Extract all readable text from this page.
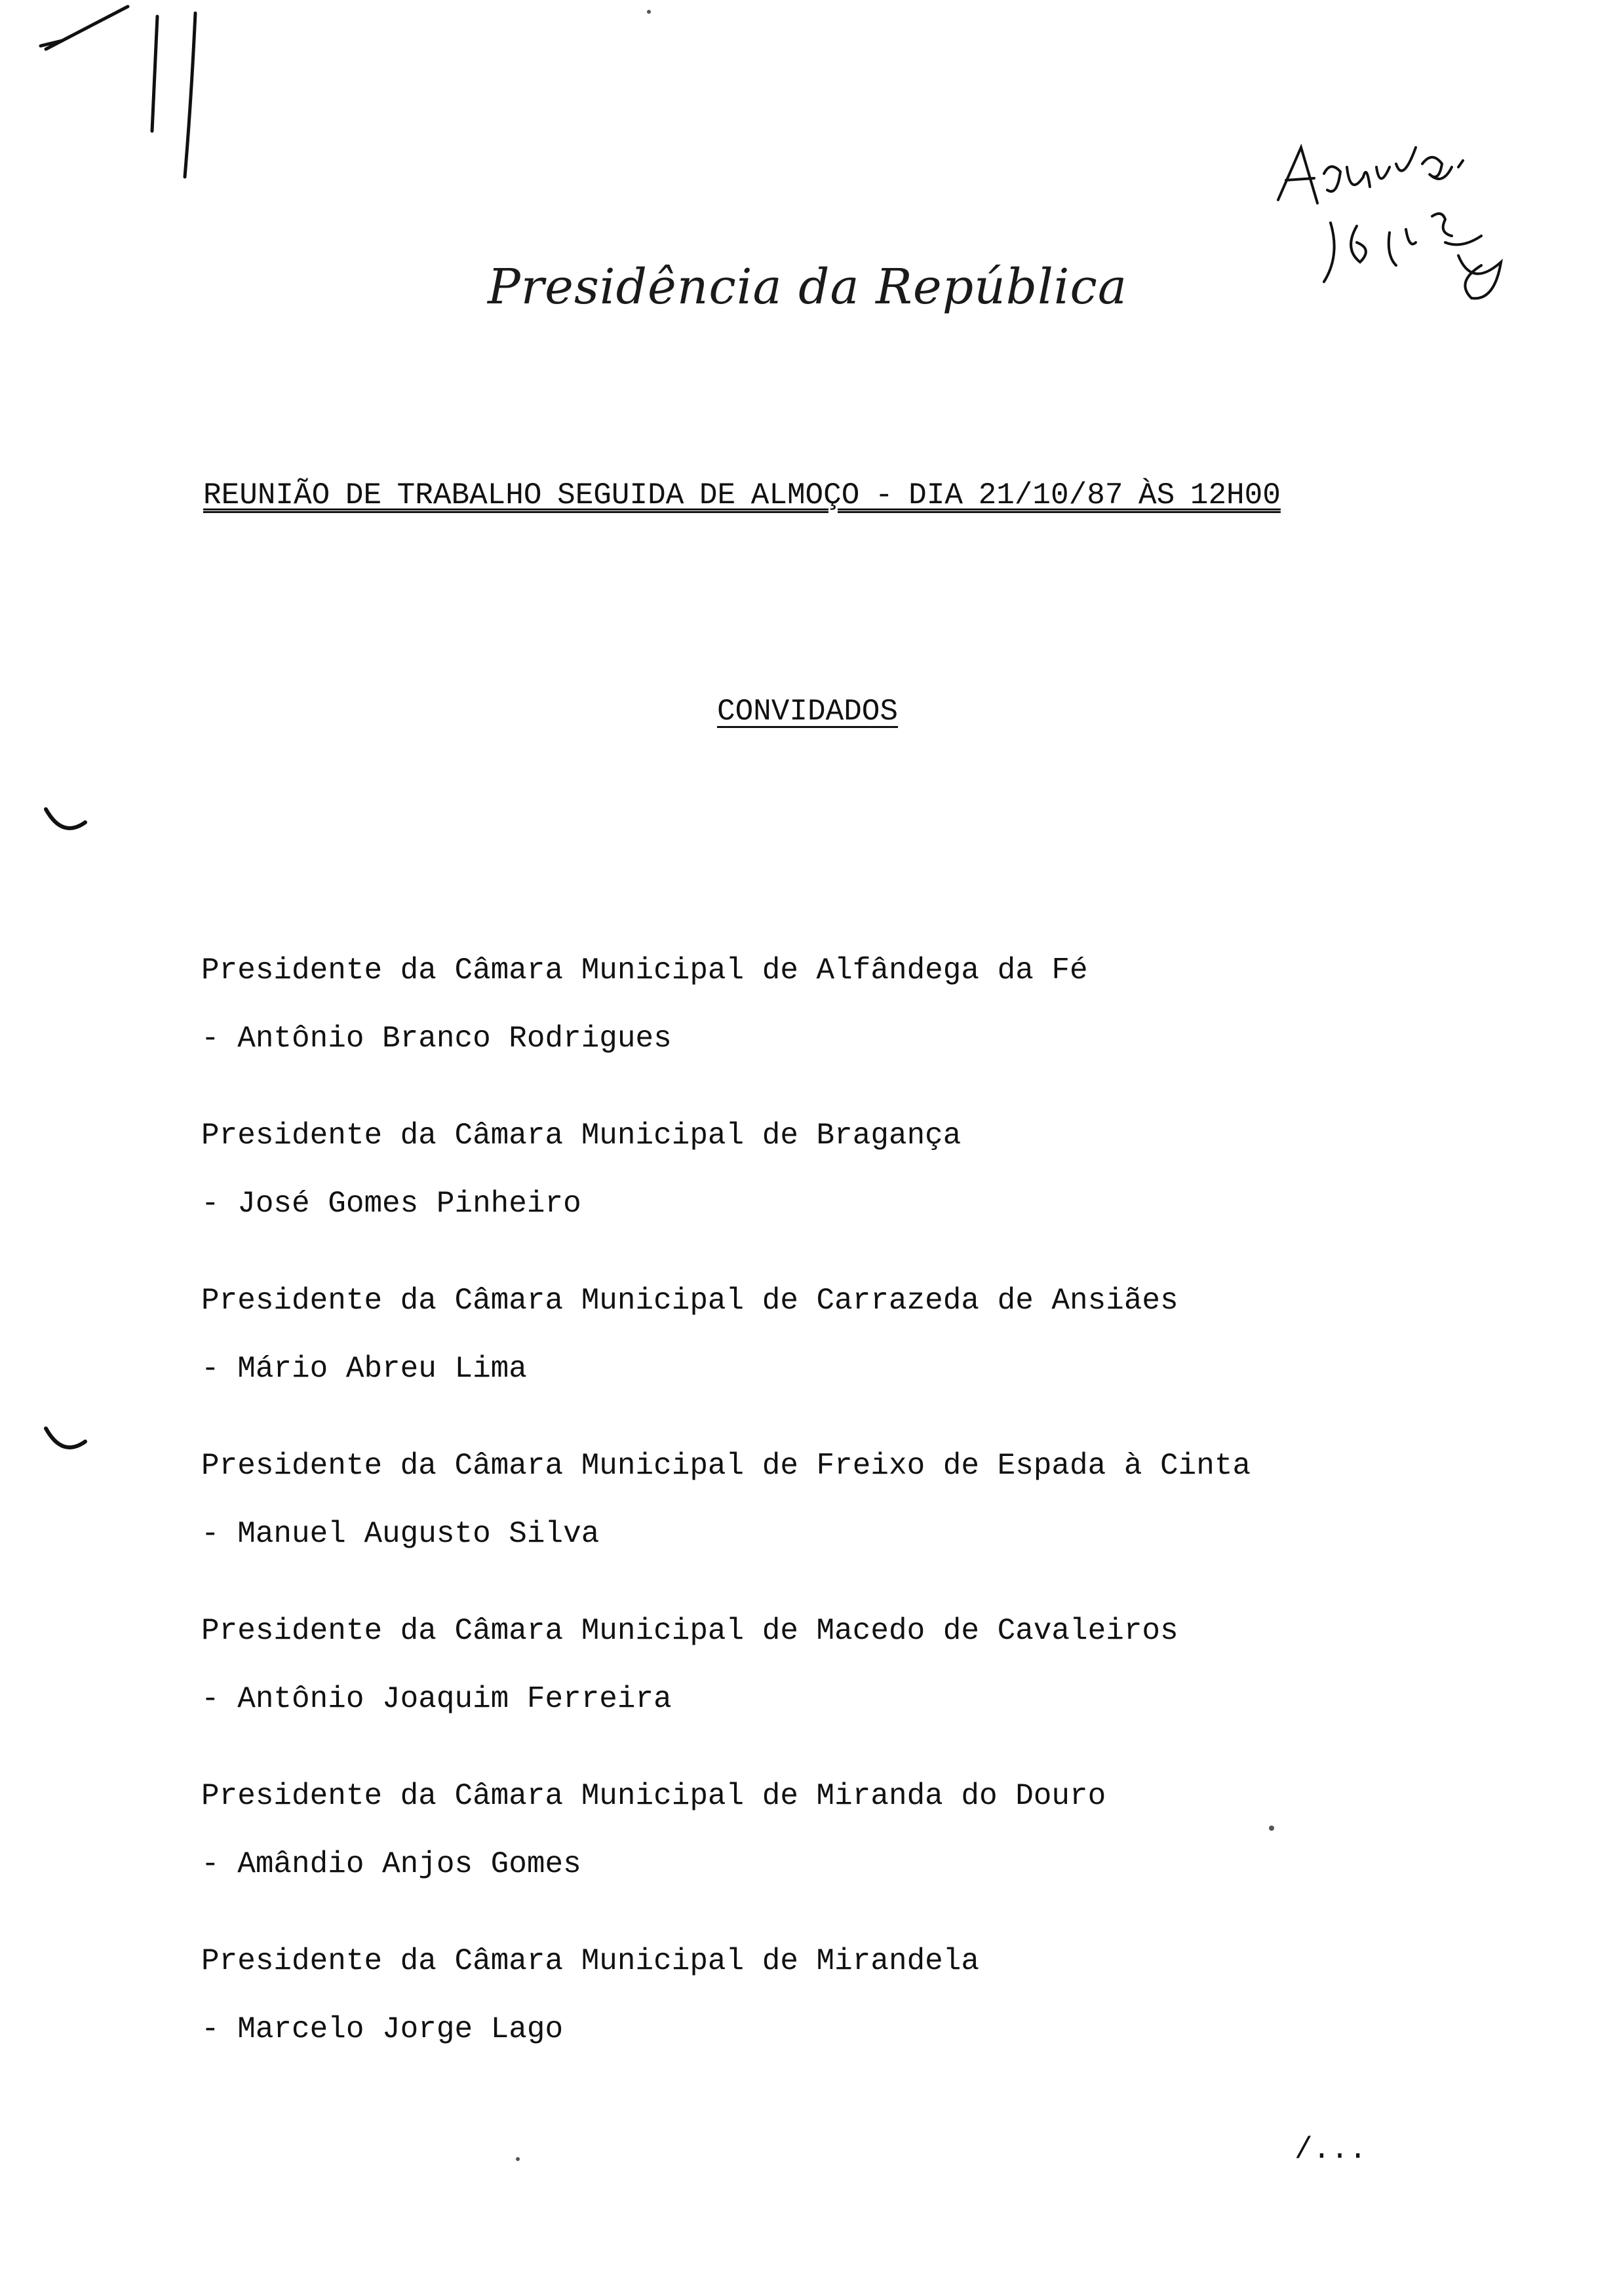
Presidência da República
REUNIÃO DE TRABALHO SEGUIDA DE ALMOÇO - DIA 21/10/87 ÀS 12H00
CONVIDADOS
Presidente da Câmara Municipal de Alfândega da Fé
- Antônio Branco Rodrigues
Presidente da Câmara Municipal de Bragança
- José Gomes Pinheiro
Presidente da Câmara Municipal de Carrazeda de Ansiães
- Mário Abreu Lima
Presidente da Câmara Municipal de Freixo de Espada à Cinta
- Manuel Augusto Silva
Presidente da Câmara Municipal de Macedo de Cavaleiros
- Antônio Joaquim Ferreira
Presidente da Câmara Municipal de Miranda do Douro
- Amândio Anjos Gomes
Presidente da Câmara Municipal de Mirandela
- Marcelo Jorge Lago
/...
